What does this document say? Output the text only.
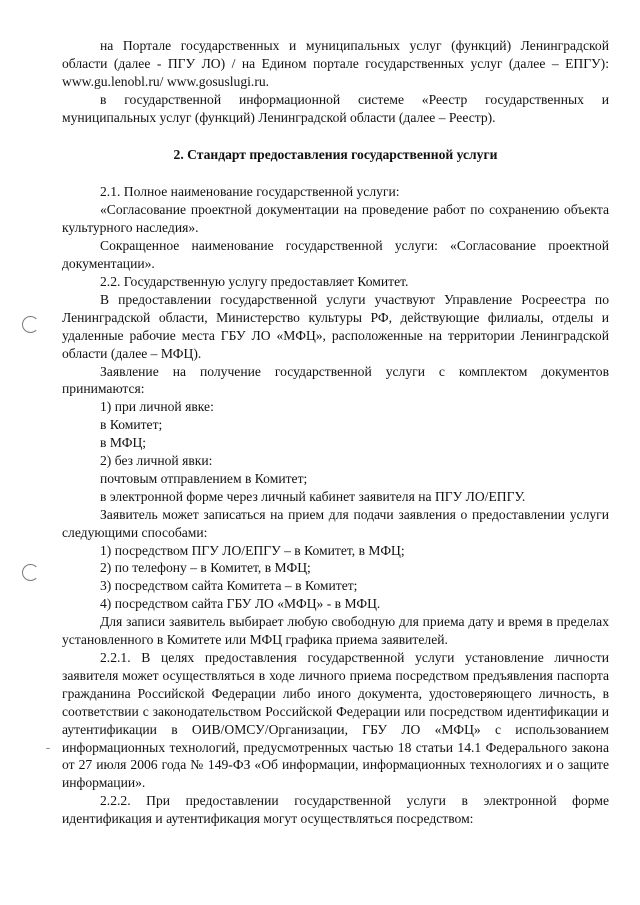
на Порталe государственных и муниципальных услуг (функций) Ленинградской области (далее - ПГУ ЛО) / на Едином портале государственных услуг (далее – ЕПГУ): www.gu.lenobl.ru/ www.gosuslugi.ru.

в государственной информационной системе «Реестр государственных и муниципальных услуг (функций) Ленинградской области (далее – Реестр).

2. Стандарт предоставления государственной услуги

2.1. Полное наименование государственной услуги:

«Согласование проектной документации на проведение работ по сохранению объекта культурного наследия».

Сокращенное наименование государственной услуги: «Согласование проектной документации».

2.2. Государственную услугу предоставляет Комитет.

В предоставлении государственной услуги участвуют Управление Росреестра по Ленинградской области, Министерство культуры РФ, действующие филиалы, отделы и удаленные рабочие места ГБУ ЛО «МФЦ», расположенные на территории Ленинградской области (далее – МФЦ).

Заявление на получение государственной услуги с комплектом документов принимаются:

1) при личной явке:

в Комитет;

в МФЦ;

2) без личной явки:

почтовым отправлением в Комитет;

в электронной форме через личный кабинет заявителя на ПГУ ЛО/ЕПГУ.

Заявитель может записаться на прием для подачи заявления о предоставлении услуги следующими способами:

1) посредством ПГУ ЛО/ЕПГУ – в Комитет, в МФЦ;

2) по телефону – в Комитет, в МФЦ;

3) посредством сайта Комитета – в Комитет;

4) посредством сайта ГБУ ЛО «МФЦ» - в МФЦ.

Для записи заявитель выбирает любую свободную для приема дату и время в пределах установленного в Комитете или МФЦ графика приема заявителей.

2.2.1. В целях предоставления государственной услуги установление личности заявителя может осуществляться в ходе личного приема посредством предъявления паспорта гражданина Российской Федерации либо иного документа, удостоверяющего личность, в соответствии с законодательством Российской Федерации или посредством идентификации и аутентификации в ОИВ/ОМСУ/Организации, ГБУ ЛО «МФЦ» с использованием информационных технологий, предусмотренных частью 18 статьи 14.1 Федерального закона от 27 июля 2006 года № 149-ФЗ «Об информации, информационных технологиях и о защите информации».

2.2.2. При предоставлении государственной услуги в электронной форме идентификация и аутентификация могут осуществляться посредством:
